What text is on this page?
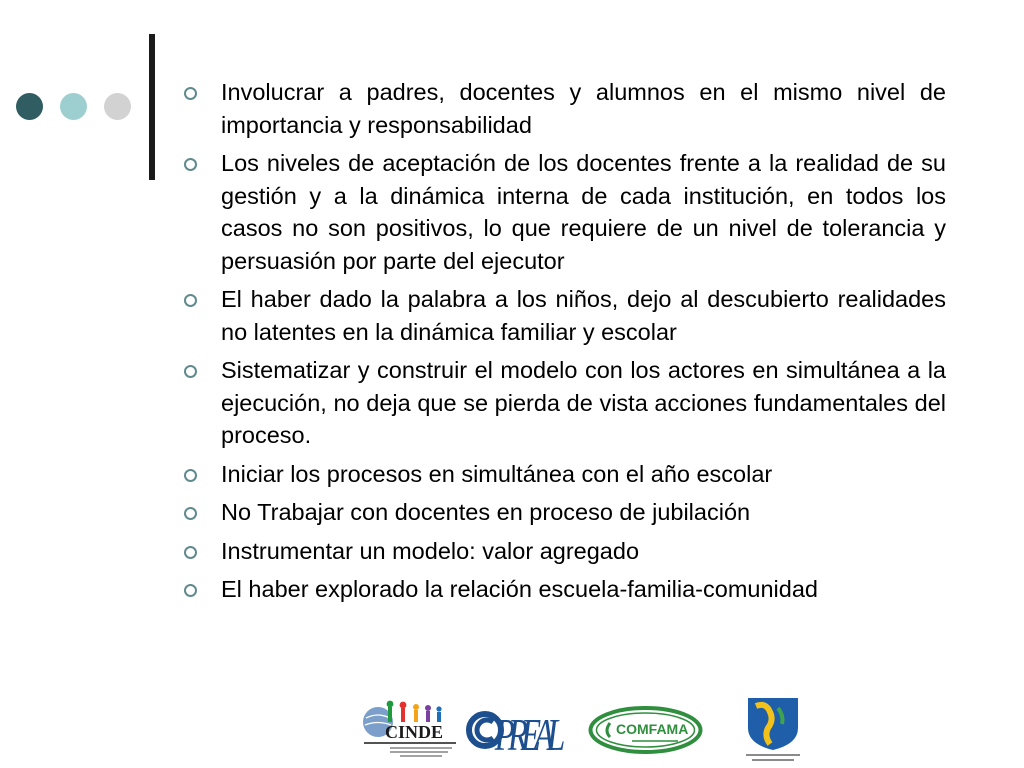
Involucrar a padres, docentes y alumnos en el mismo nivel de importancia y responsabilidad
Los niveles de aceptación de los docentes frente a la realidad de su gestión y a la dinámica interna de cada institución, en todos los casos no son positivos, lo que requiere de un nivel de tolerancia y persuasión por parte del ejecutor
El haber dado la palabra a los niños, dejo al descubierto realidades no latentes en la dinámica familiar y escolar
Sistematizar y construir el modelo con los actores en simultánea a la ejecución, no deja que se pierda de vista acciones fundamentales del proceso.
Iniciar los procesos en simultánea con el año escolar
No Trabajar con docentes en proceso de jubilación
Instrumentar un modelo: valor agregado
El haber explorado la relación escuela-familia-comunidad
CINDE PREAL	COMFAMA
